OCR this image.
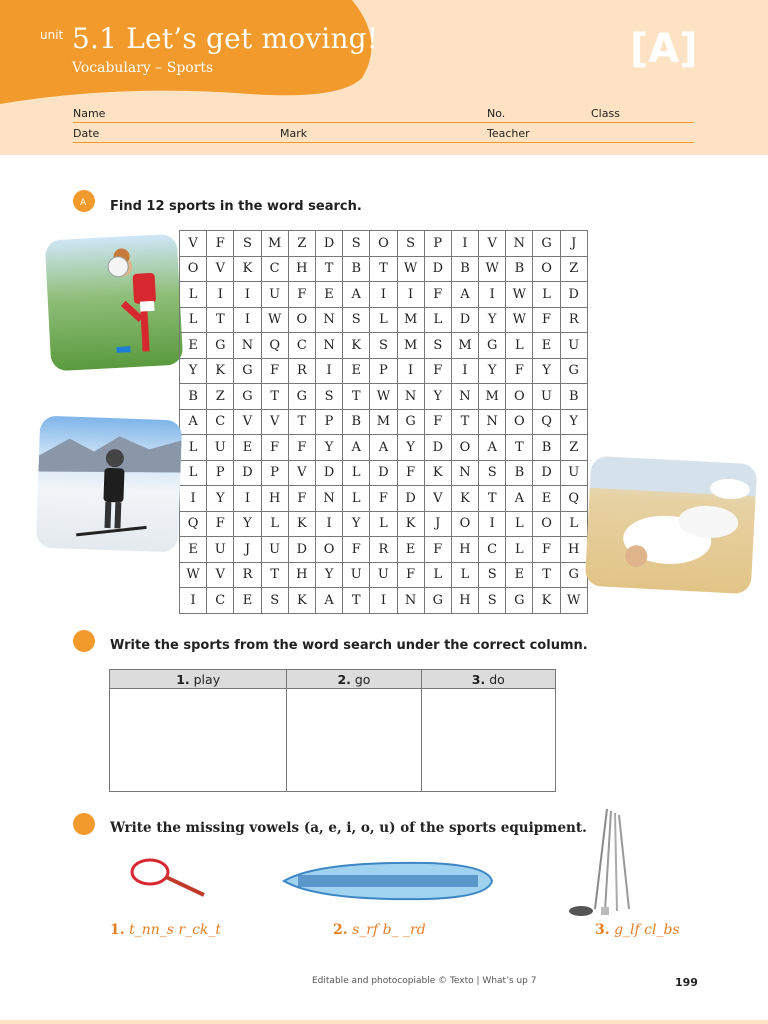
unit 5.1 Let’s get moving!
Vocabulary – Sports	[A]
Name	No.	Class
Date	Mark	Teacher
A Find 12 sports in the word search.
V	F	S	M	Z	D	S	O	S	P	I	V	N	G	J
O	V	K	C	H	T	B	T	W	D	B	W	B	O	Z
L	I	I	U	F	E	A	I	I	F	A	I	W	L	D
L	T	I	W	O	N	S	L	M	L	D	Y	W	F	R
E	G	N	Q	C	N	K	S	M	S	M	G	L	E	U
Y	K	G	F	R	I	E	P	I	F	I	Y	F	Y	G
B	Z	G	T	G	S	T	W	N	Y	N	M	O	U	B
A	C	V	V	T	P	B	M	G	F	T	N	O	Q	Y
L	U	E	F	F	Y	A	A	Y	D	O	A	T	B	Z
L	P	D	P	V	D	L	D	F	K	N	S	B	D	U
I	Y	I	H	F	N	L	F	D	V	K	T	A	E	Q
Q	F	Y	L	K	I	Y	L	K	J	O	I	L	O	L
E	U	J	U	D	O	F	R	E	F	H	C	L	F	H
W	V	R	T	H	Y	U	U	F	L	L	S	E	T	G
I	C	E	S	K	A	T	I	N	G	H	S	G	K	W
Write the sports from the word search under the correct column.
1. play	2. go	3. do

Write the missing vowels (a, e, i, o, u) of the sports equipment.
1. t_nn_s r_ck_t	2. s_rf b_ _rd	3. g_lf cl_bs
Editable and photocopiable © Texto | What’s up 7	199
